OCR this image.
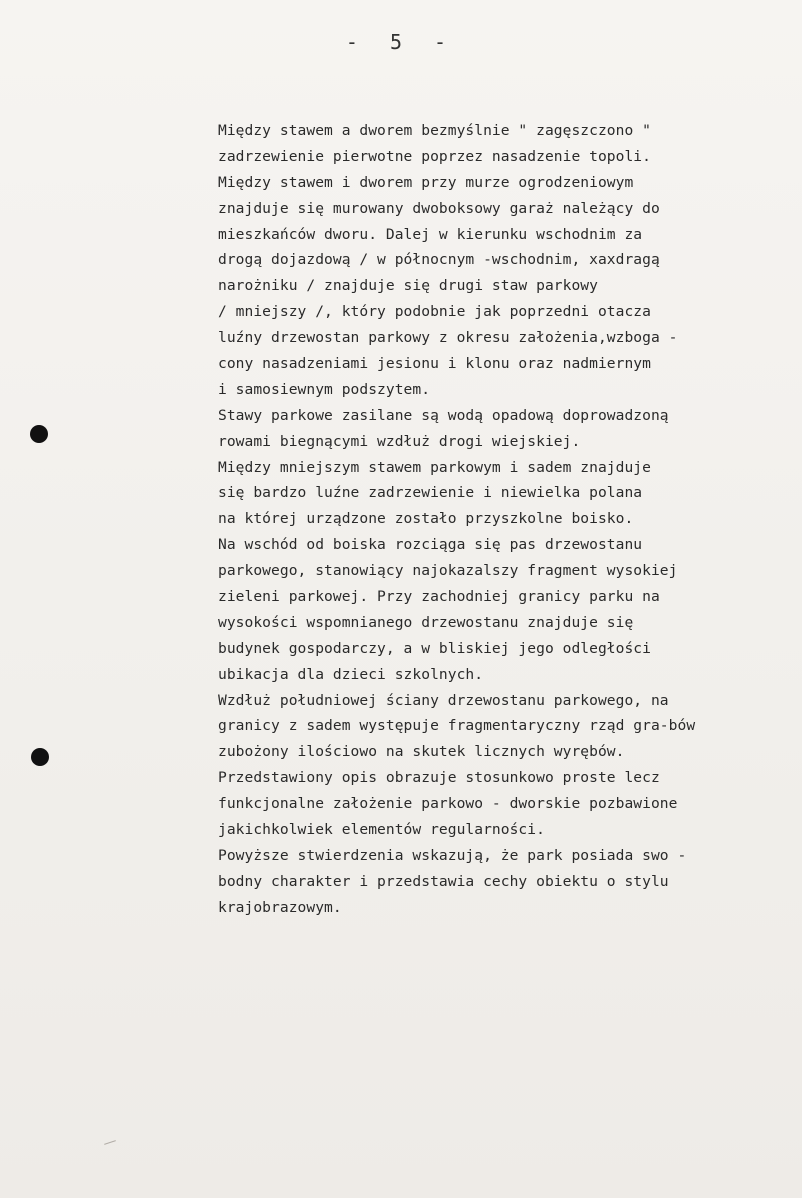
- 5 -
Między stawem a dworem bezmyślnie " zagęszczono "
zadrzewienie pierwotne poprzez nasadzenie topoli.
Między stawem i dworem przy murze ogrodzeniowym
znajduje się murowany dwoboksowy garaż należący do
mieszkańców dworu. Dalej w kierunku wschodnim za
drogą dojazdową / w północnym -wschodnim, xaxdragą
narożniku / znajduje się drugi staw parkowy
/ mniejszy /, który podobnie jak poprzedni otacza
luźny drzewostan parkowy z okresu założenia,wzboga -
cony nasadzeniami jesionu i klonu oraz nadmiernym
i samosiewnym podszytem.
Stawy parkowe zasilane są wodą opadową doprowadzoną
rowami biegnącymi wzdłuż drogi wiejskiej.
Między mniejszym stawem parkowym i sadem znajduje
się bardzo luźne zadrzewienie i niewielka polana
na której urządzone zostało przyszkolne boisko.
Na wschód od boiska rozciąga się pas drzewostanu
parkowego, stanowiący najokazalszy fragment wysokiej
zieleni parkowej. Przy zachodniej granicy parku na
wysokości wspomnianego drzewostanu znajduje się
budynek gospodarczy, a w bliskiej jego odległości
ubikacja dla dzieci szkolnych.
Wzdłuż południowej ściany drzewostanu parkowego, na
granicy z sadem występuje fragmentaryczny rząd gra-bów
zubożony ilościowo na skutek licznych wyrębów.
Przedstawiony opis obrazuje stosunkowo proste lecz
funkcjonalne założenie parkowo - dworskie pozbawione
jakichkolwiek elementów regularności.
Powyższe stwierdzenia wskazują, że park posiada swo -
bodny charakter i przedstawia cechy obiektu o stylu
krajobrazowym.
